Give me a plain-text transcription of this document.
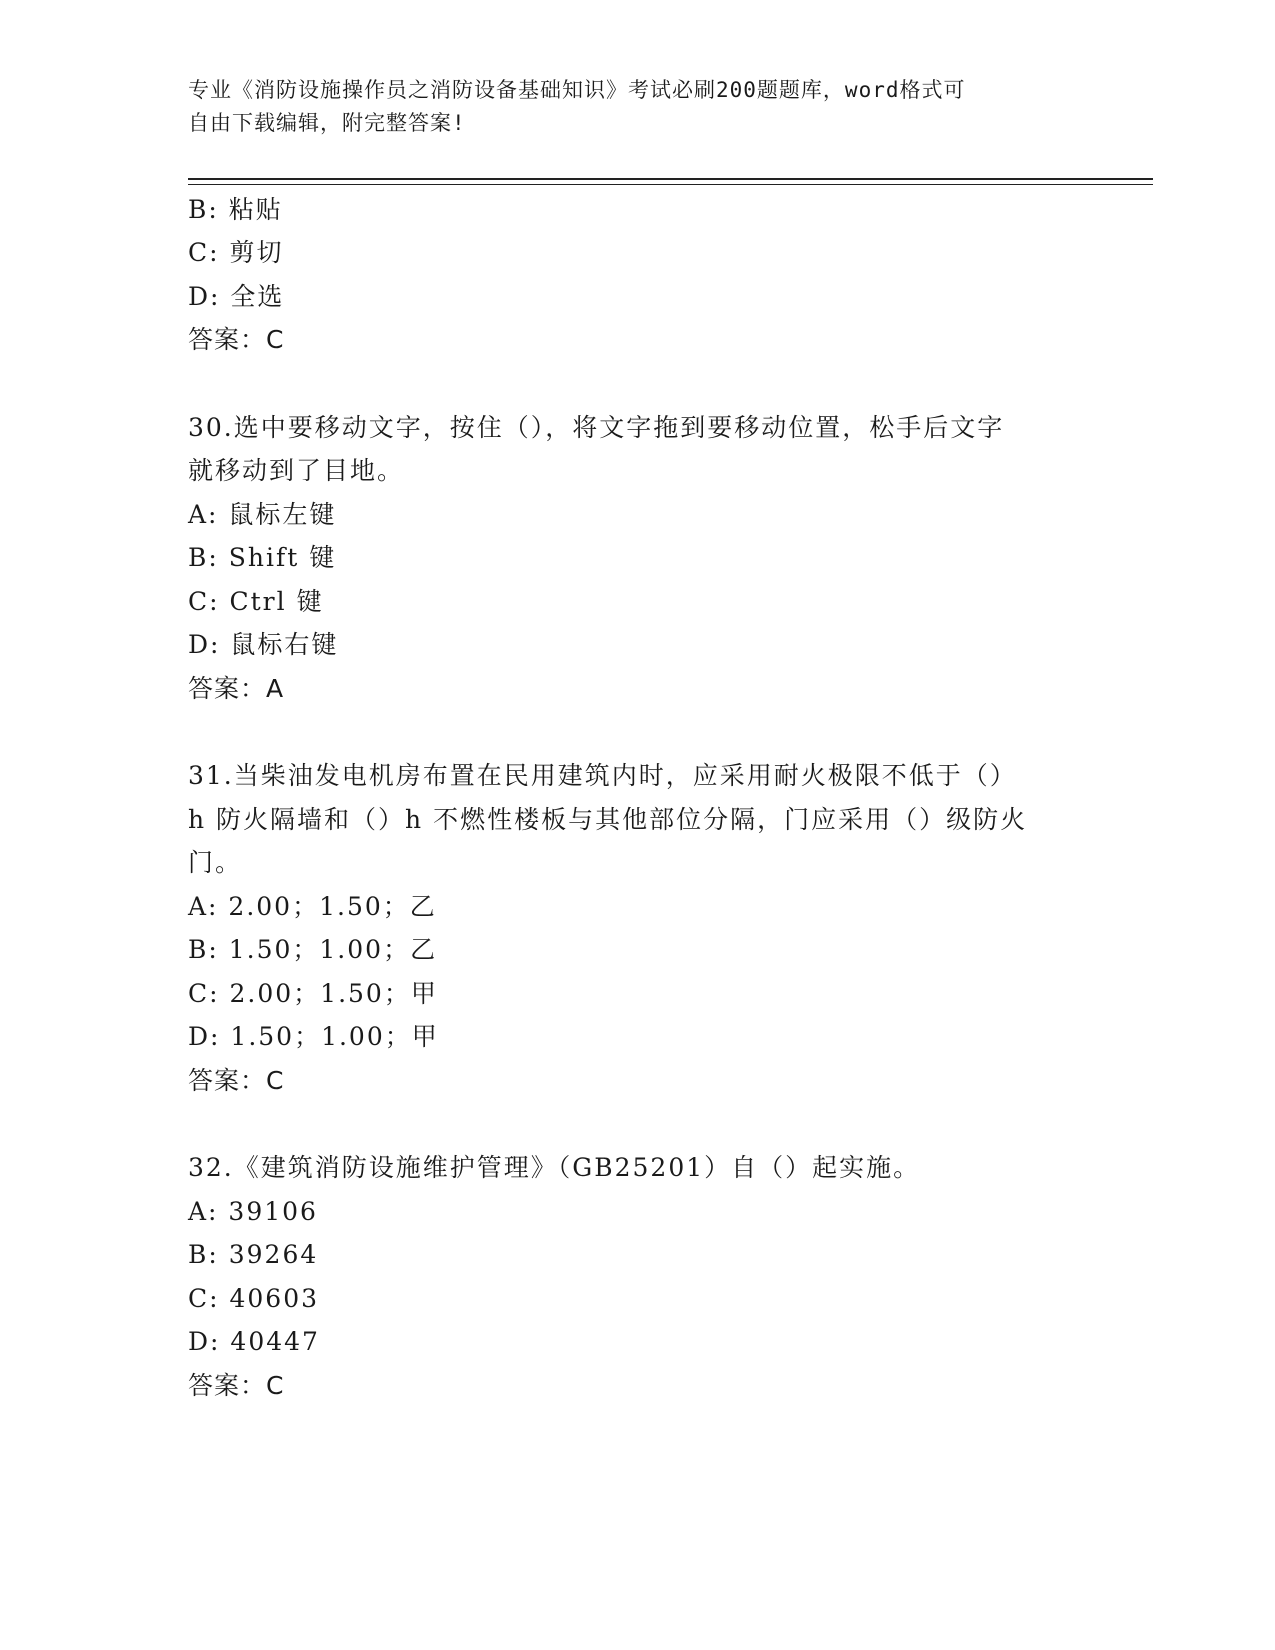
专业《消防设施操作员之消防设备基础知识》考试必刷200题题库，word格式可
自由下载编辑，附完整答案!
B: 粘贴
C: 剪切
D: 全选
答案：C
30.选中要移动文字，按住（），将文字拖到要移动位置，松手后文字
就移动到了目地。
A: 鼠标左键
B: Shift 键
C: Ctrl 键
D: 鼠标右键
答案：A
31.当柴油发电机房布置在民用建筑内时，应采用耐火极限不低于（）
h 防火隔墙和（）h 不燃性楼板与其他部位分隔，门应采用（）级防火
门。
A: 2.00；1.50；乙
B: 1.50；1.00；乙
C: 2.00；1.50；甲
D: 1.50；1.00；甲
答案：C
32.《建筑消防设施维护管理》（GB25201）自（）起实施。
A: 39106
B: 39264
C: 40603
D: 40447
答案：C
